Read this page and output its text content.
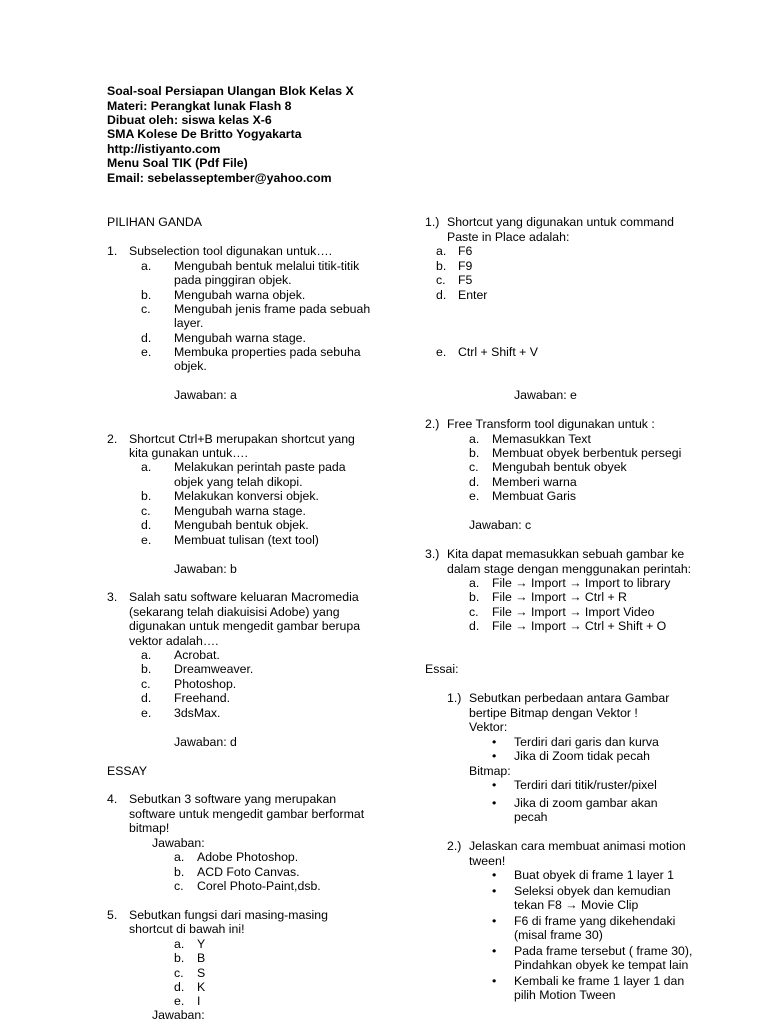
Soal-soal Persiapan Ulangan Blok Kelas X
Materi: Perangkat lunak Flash 8
Dibuat oleh: siswa kelas X-6
SMA Kolese De Britto Yogyakarta
http://istiyanto.com
Menu Soal TIK (Pdf File)
Email: sebelasseptember@yahoo.com
PILIHAN GANDA
1. Subselection tool digunakan untuk….
a. Mengubah bentuk melalui titik-titik
pada pinggiran objek.
b. Mengubah warna objek.
c. Mengubah jenis frame pada sebuah
layer.
d. Mengubah warna stage.
e. Membuka properties pada sebuha
objek.
Jawaban: a
2. Shortcut Ctrl+B merupakan shortcut yang
kita gunakan untuk….
a. Melakukan perintah paste pada
objek yang telah dikopi.
b. Melakukan konversi objek.
c. Mengubah warna stage.
d. Mengubah bentuk objek.
e. Membuat tulisan (text tool)
Jawaban: b
3. Salah satu software keluaran Macromedia
(sekarang telah diakuisisi Adobe) yang
digunakan untuk mengedit gambar berupa
vektor adalah….
a. Acrobat.
b. Dreamweaver.
c. Photoshop.
d. Freehand.
e. 3dsMax.
Jawaban: d
ESSAY
4. Sebutkan 3 software yang merupakan
software untuk mengedit gambar berformat
bitmap!
Jawaban:
a. Adobe Photoshop.
b. ACD Foto Canvas.
c. Corel Photo-Paint,dsb.
5. Sebutkan fungsi dari masing-masing
shortcut di bawah ini!
a. Y
b. B
c. S
d. K
e. I
Jawaban:
1.) Shortcut yang digunakan untuk command
Paste in Place adalah:
a. F6
b. F9
c. F5
d. Enter
e. Ctrl + Shift + V
Jawaban: e
2.) Free Transform tool digunakan untuk :
a. Memasukkan Text
b. Membuat obyek berbentuk persegi
c. Mengubah bentuk obyek
d. Memberi warna
e. Membuat Garis
Jawaban: c
3.) Kita dapat memasukkan sebuah gambar ke
dalam stage dengan menggunakan perintah:
a. File → Import → Import to library
b. File → Import → Ctrl + R
c. File → Import → Import Video
d. File → Import → Ctrl + Shift + O
Essai:
1.) Sebutkan perbedaan antara Gambar
bertipe Bitmap dengan Vektor !
Vektor:
• Terdiri dari garis dan kurva
• Jika di Zoom tidak pecah
Bitmap:
• Terdiri dari titik/ruster/pixel
• Jika di zoom gambar akan
pecah
2.) Jelaskan cara membuat animasi motion
tween!
• Buat obyek di frame 1 layer 1
• Seleksi obyek dan kemudian
tekan F8 → Movie Clip
• F6 di frame yang dikehendaki
(misal frame 30)
• Pada frame tersebut ( frame 30),
Pindahkan obyek ke tempat lain
• Kembali ke frame 1 layer 1 dan
pilih Motion Tween
